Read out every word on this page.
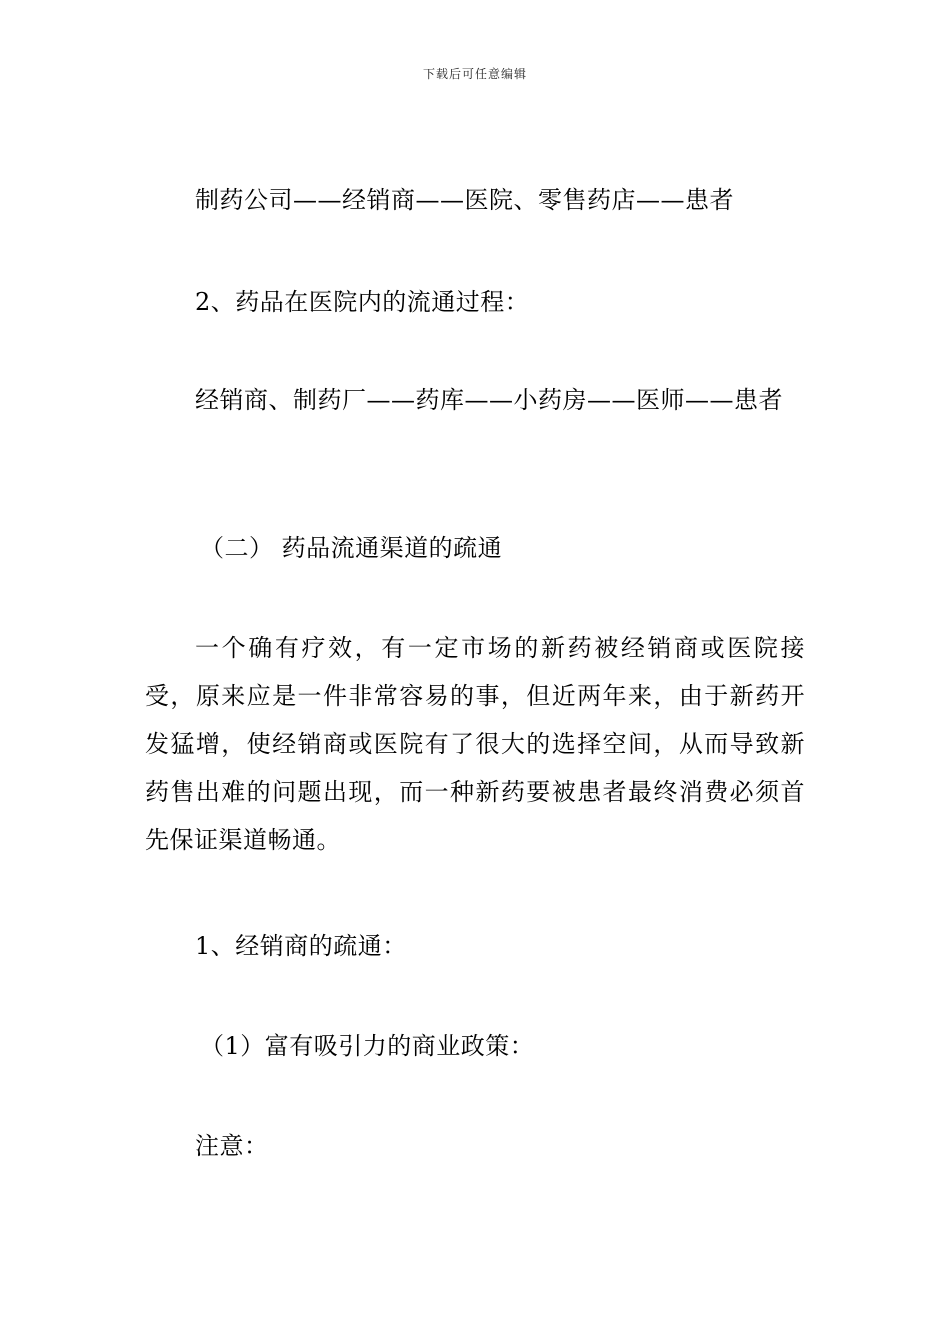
下载后可任意编辑

制药公司——经销商——医院、零售药店——患者

2、药品在医院内的流通过程：

经销商、制药厂——药库——小药房——医师——患者

（二） 药品流通渠道的疏通

一个确有疗效，有一定市场的新药被经销商或医院接受，原来应是一件非常容易的事，但近两年来，由于新药开发猛增，使经销商或医院有了很大的选择空间，从而导致新药售出难的问题出现，而一种新药要被患者最终消费必须首先保证渠道畅通。

1、经销商的疏通：

（1）富有吸引力的商业政策：

注意：
